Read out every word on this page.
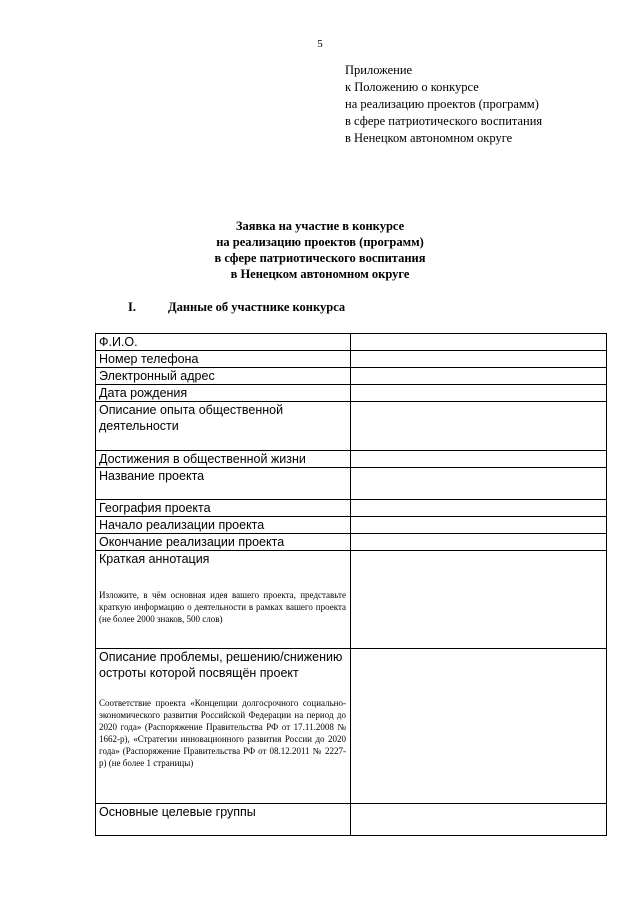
5
Приложение
к Положению о конкурсе
на реализацию проектов (программ)
в сфере патриотического воспитания
в Ненецком автономном округе
Заявка на участие в конкурсе
на реализацию проектов (программ)
в сфере патриотического воспитания
в Ненецком автономном округе
I.	Данные об участнике конкурса
Ф.И.О.	
Номер телефона	
Электронный адрес	
Дата рождения	
Описание опыта общественной деятельности	
Достижения в общественной жизни	
Название проекта	
География проекта	
Начало реализации проекта	
Окончание реализации проекта	

Краткая аннотация
Изложите, в чём основная идея вашего проекта, представьте краткую информацию о деятельности в рамках вашего проекта (не более 2000 знаков, 500 слов)	

Описание проблемы, решению/снижению остроты которой посвящён проект
Соответствие проекта «Концепции долгосрочного социально-экономического развития Российской Федерации на период до 2020 года» (Распоряжение Правительства РФ от 17.11.2008 № 1662-р), «Стратегии инновационного развития России до 2020 года» (Распоряжение Правительства РФ от 08.12.2011 № 2227-р) (не более 1 страницы)	

Основные целевые группы	
